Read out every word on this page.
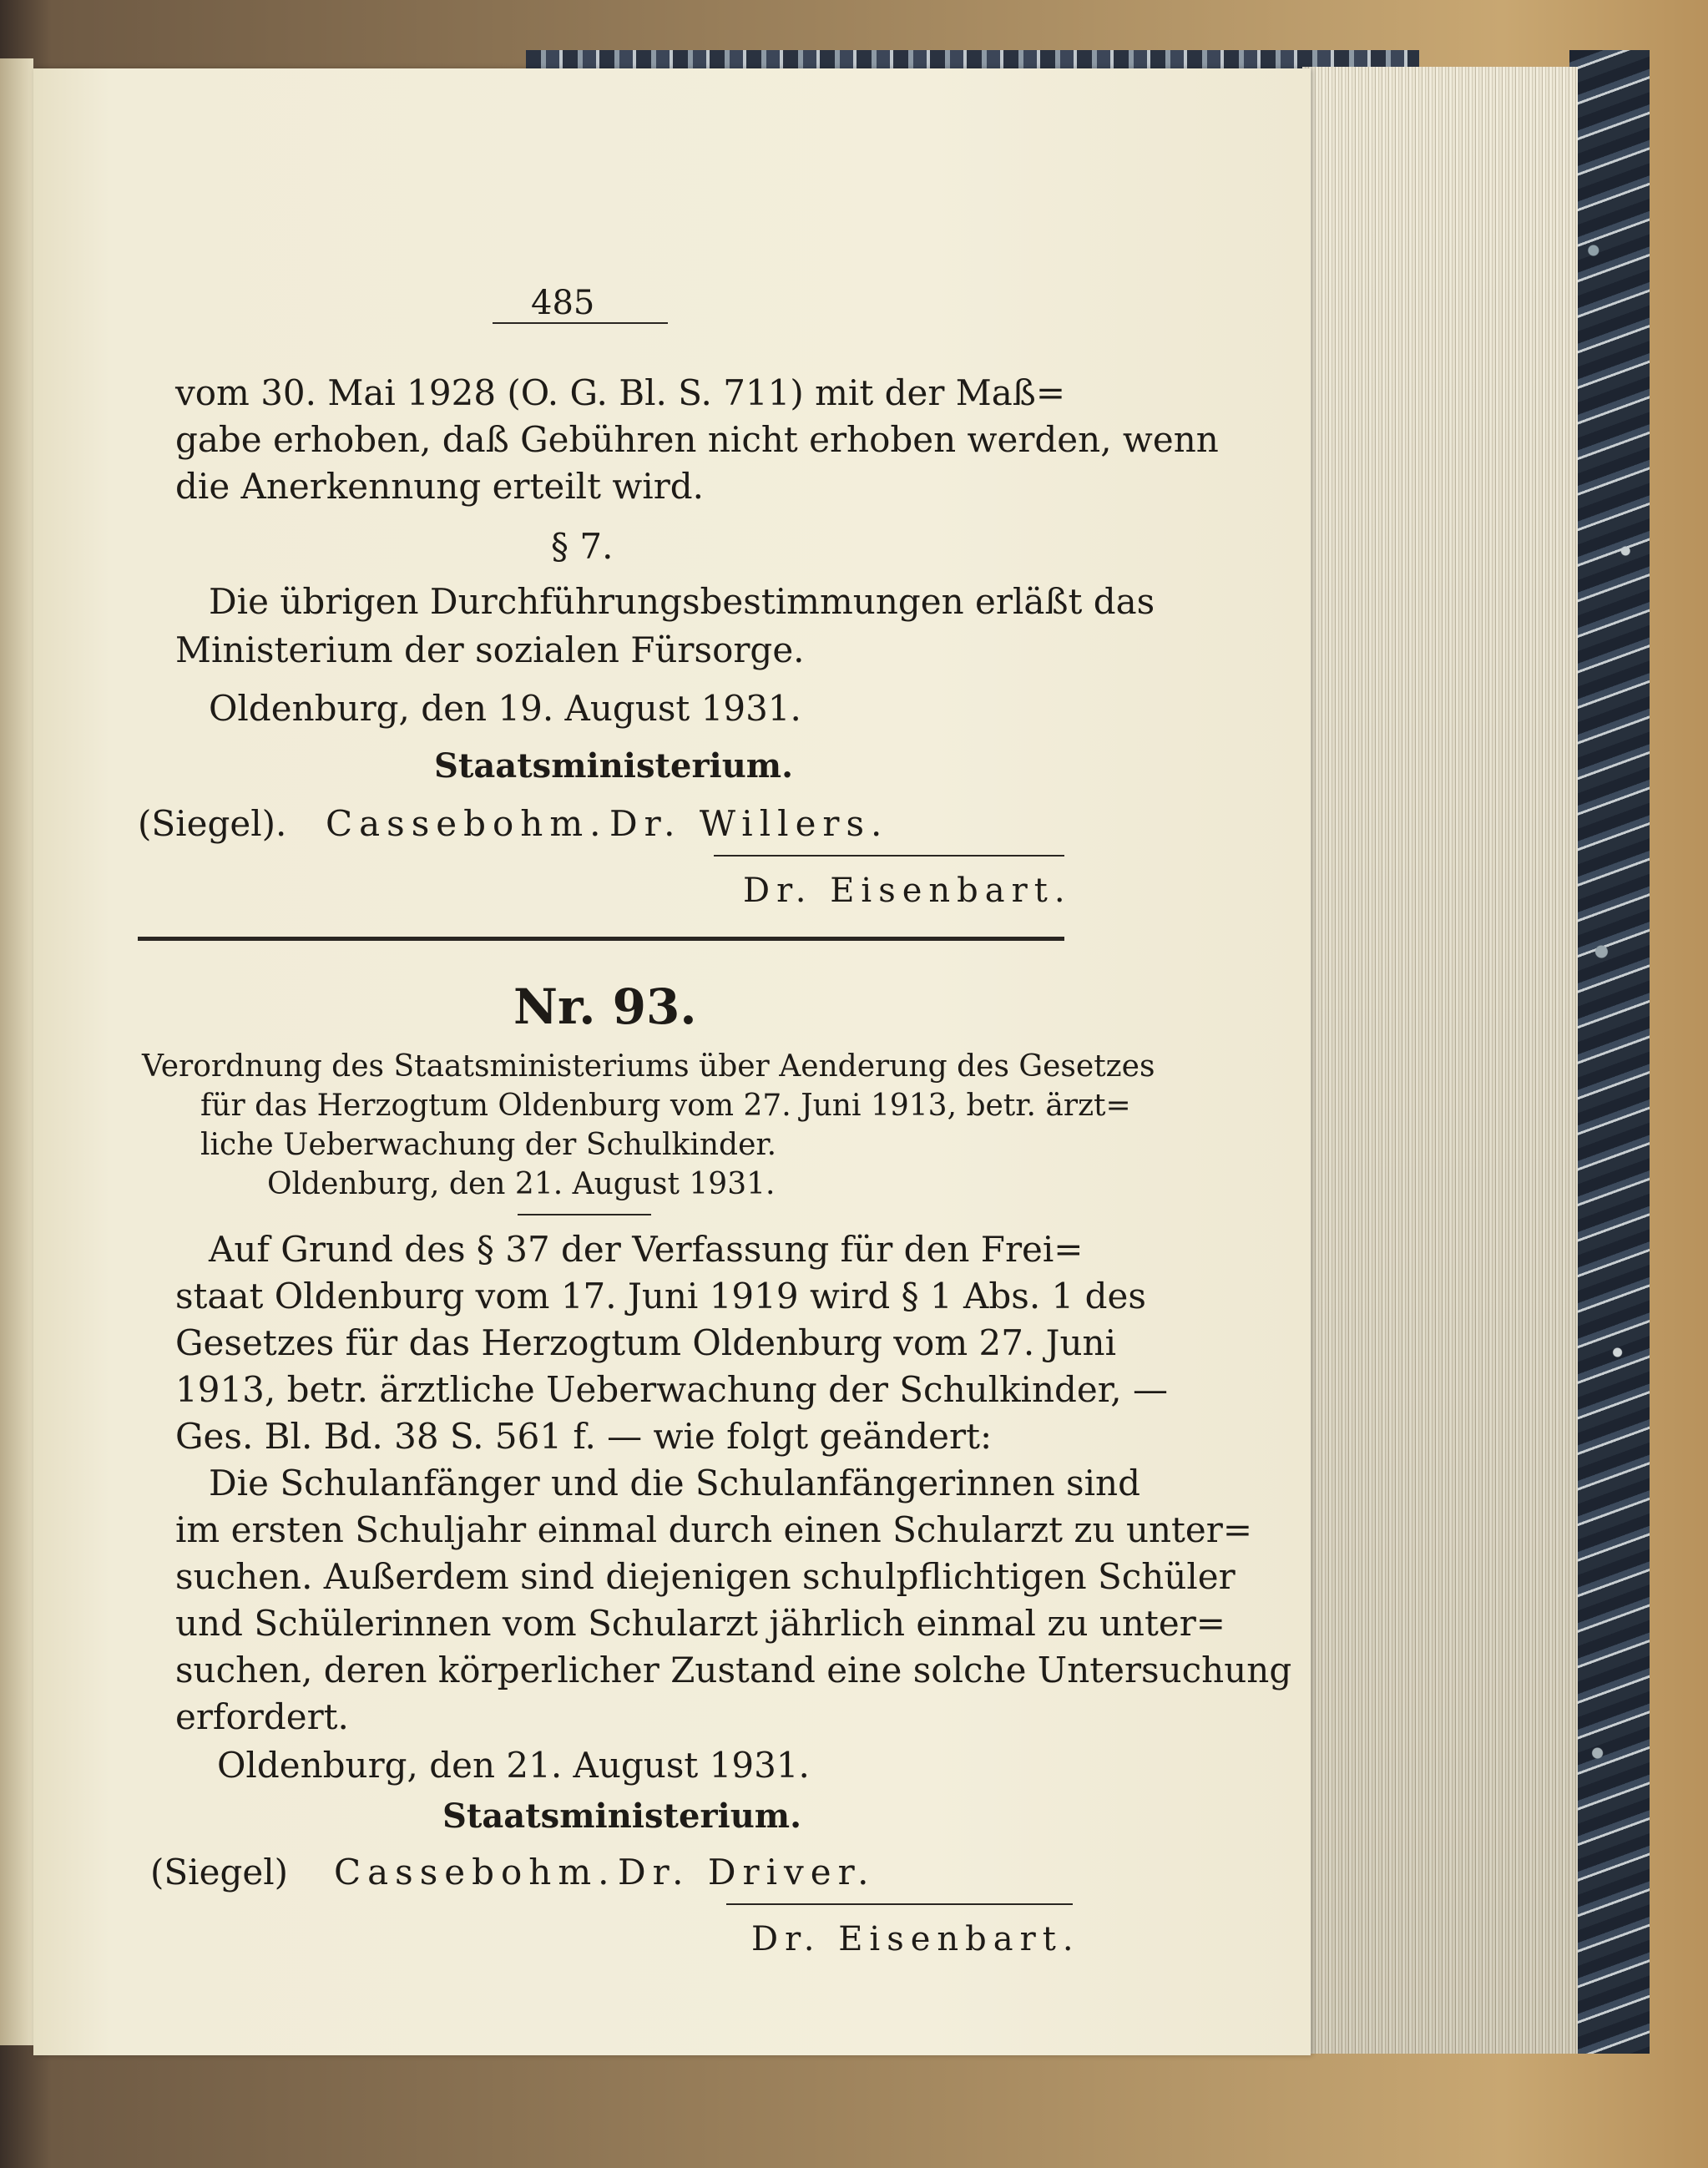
485
vom 30. Mai 1928 (O. G. Bl. S. 711) mit der Maß=
gabe erhoben, daß Gebühren nicht erhoben werden, wenn
die Anerkennung erteilt wird.
§ 7.
Die übrigen Durchführungsbestimmungen erläßt das
Ministerium der sozialen Fürsorge.
Oldenburg, den 19. August 1931.
Staatsministerium.
(Siegel). Cassebohm. Dr. Willers.
Dr. Eisenbart.
Nr. 93.
Verordnung des Staatsministeriums über Aenderung des Gesetzes
für das Herzogtum Oldenburg vom 27. Juni 1913, betr. ärzt=
liche Ueberwachung der Schulkinder.
Oldenburg, den 21. August 1931.
Auf Grund des § 37 der Verfassung für den Frei=
staat Oldenburg vom 17. Juni 1919 wird § 1 Abs. 1 des
Gesetzes für das Herzogtum Oldenburg vom 27. Juni
1913, betr. ärztliche Ueberwachung der Schulkinder, —
Ges. Bl. Bd. 38 S. 561 f. — wie folgt geändert:
Die Schulanfänger und die Schulanfängerinnen sind
im ersten Schuljahr einmal durch einen Schularzt zu unter=
suchen. Außerdem sind diejenigen schulpflichtigen Schüler
und Schülerinnen vom Schularzt jährlich einmal zu unter=
suchen, deren körperlicher Zustand eine solche Untersuchung
erfordert.
Oldenburg, den 21. August 1931.
Staatsministerium.
(Siegel) Cassebohm. Dr. Driver.
Dr. Eisenbart.
